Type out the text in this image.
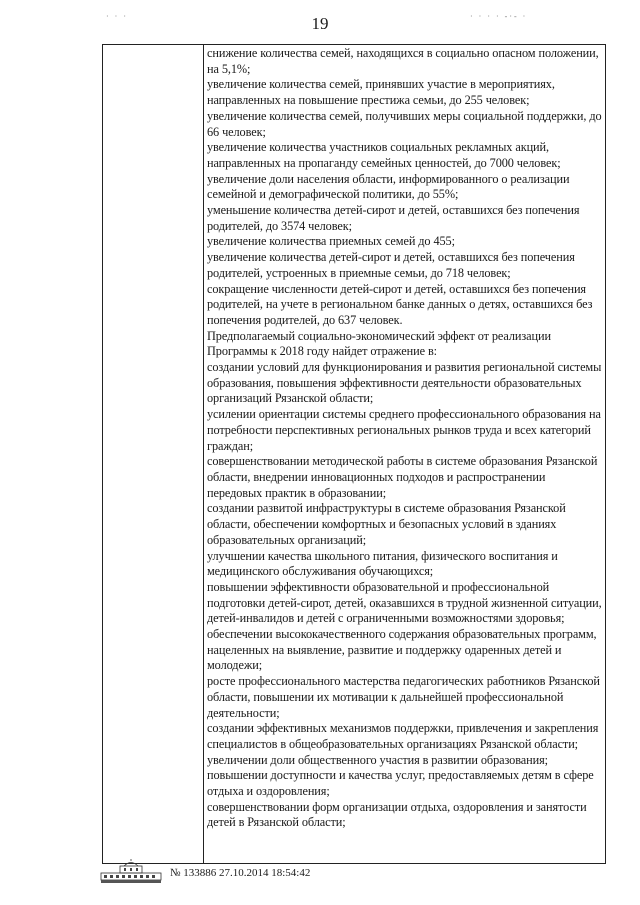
· · ·	· · · · -·- ·
19

снижение количества семей, находящихся в социально опасном положении, на 5,1%;

увеличение количества семей, принявших участие в мероприятиях, направленных на повышение престижа семьи, до 255 человек;

увеличение количества семей, получивших меры социальной поддержки, до 66 человек;

увеличение количества участников социальных рекламных акций, направленных на пропаганду семейных ценностей, до 7000 человек;

увеличение доли населения области, информированного о реализации семейной и демографической политики, до 55%;

уменьшение количества детей-сирот и детей, оставшихся без попечения родителей, до 3574 человек;

увеличение количества приемных семей до 455;

увеличение количества детей-сирот и детей, оставшихся без попечения родителей, устроенных в приемные семьи, до 718 человек;

сокращение численности детей-сирот и детей, оставшихся без попечения родителей, на учете в региональном банке данных о детях, оставшихся без попечения родителей, до 637 человек.

Предполагаемый социально-экономический эффект от реализации Программы к 2018 году найдет отражение в:

создании условий для функционирования и развития региональной системы образования, повышения эффективности деятельности образовательных организаций Рязанской области;

усилении ориентации системы среднего профессионального образования на потребности перспективных региональных рынков труда и всех категорий граждан;

совершенствовании методической работы в системе образования Рязанской области, внедрении инновационных подходов и распространении передовых практик в образовании;

создании развитой инфраструктуры в системе образования Рязанской области, обеспечении комфортных и безопасных условий в зданиях образовательных организаций;

улучшении качества школьного питания, физического воспитания и медицинского обслуживания обучающихся;

повышении эффективности образовательной и профессиональной подготовки детей-сирот, детей, оказавшихся в трудной жизненной ситуации, детей-инвалидов и детей с ограниченными возможностями здоровья;

обеспечении высококачественного содержания образовательных программ, нацеленных на выявление, развитие и поддержку одаренных детей и молодежи;

росте профессионального мастерства педагогических работников Рязанской области, повышении их мотивации к дальнейшей профессиональной деятельности;

создании эффективных механизмов поддержки, привлечения и закрепления специалистов в общеобразовательных организациях Рязанской области;

увеличении доли общественного участия в развитии образования;

повышении доступности и качества услуг, предоставляемых детям в сфере отдыха и оздоровления;

совершенствовании форм организации отдыха, оздоровления и занятости детей в Рязанской области;

№ 133886 27.10.2014 18:54:42
